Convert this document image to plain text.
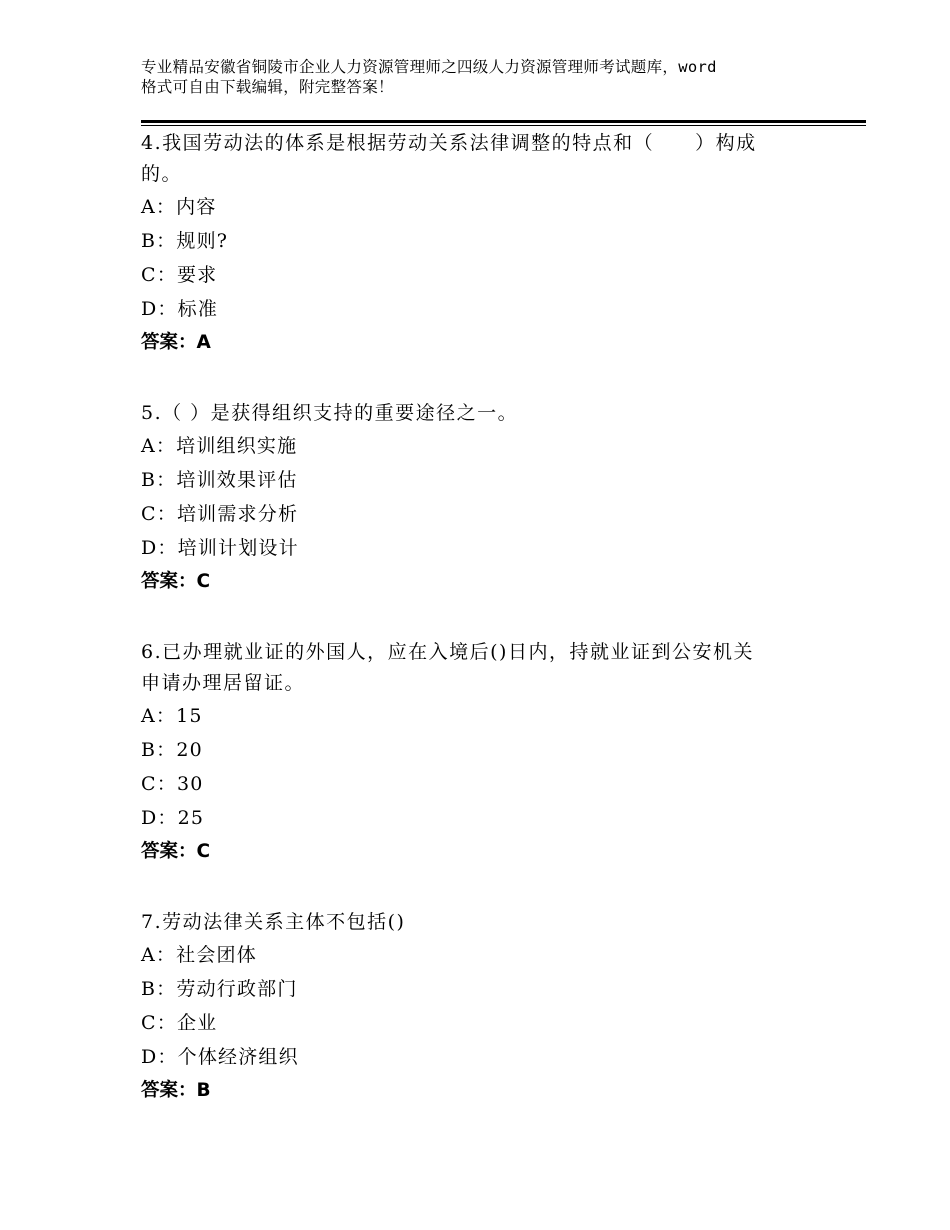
专业精品安徽省铜陵市企业人力资源管理师之四级人力资源管理师考试题库，word
格式可自由下载编辑，附完整答案！

4.我国劳动法的体系是根据劳动关系法律调整的特点和（　　）构成

的。

A：内容

B：规则?

C：要求

D：标准

答案：A

5.（ ）是获得组织支持的重要途径之一。

A：培训组织实施

B：培训效果评估

C：培训需求分析

D：培训计划设计

答案：C

6.已办理就业证的外国人，应在入境后()日内，持就业证到公安机关

申请办理居留证。

A：15

B：20

C：30

D：25

答案：C

7.劳动法律关系主体不包括()

A：社会团体

B：劳动行政部门

C：企业

D：个体经济组织

答案：B
